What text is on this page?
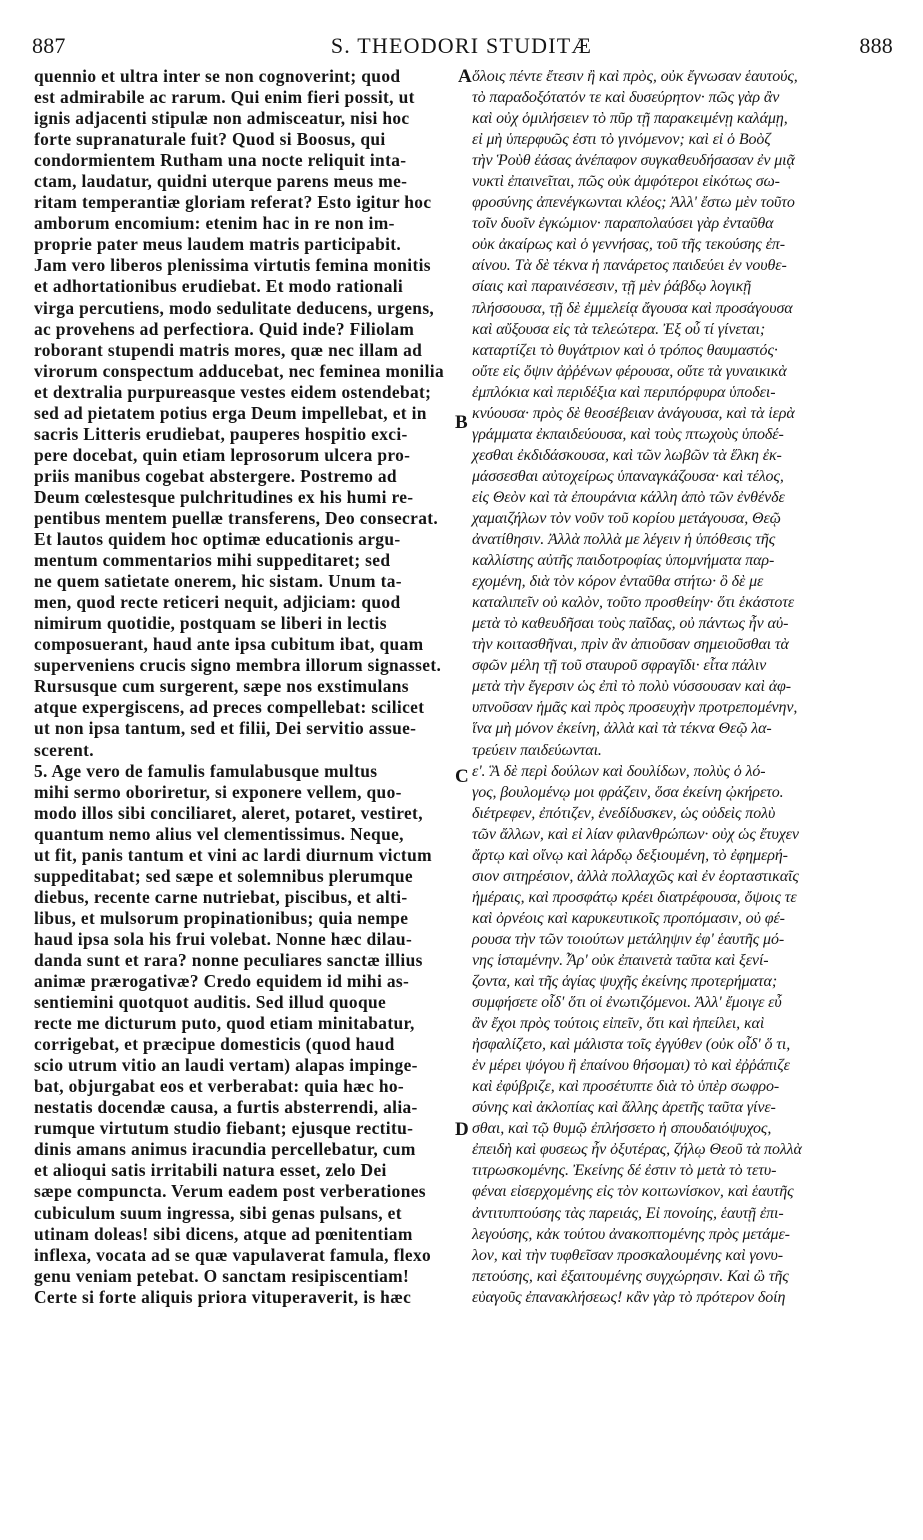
887	S. THEODORI STUDITÆ	888
quennio et ultra inter se non cognoverint; quod
est admirabile ac rarum. Qui enim fieri possit, ut
ignis adjacenti stipulæ non admisceatur, nisi hoc
forte supranaturale fuit? Quod si Boosus, qui
condormientem Rutham una nocte reliquit inta-
ctam, laudatur, quidni uterque parens meus me-
ritam temperantiæ gloriam referat? Esto igitur hoc
amborum encomium: etenim hac in re non im-
proprie pater meus laudem matris participabit.
Jam vero liberos plenissima virtutis femina monitis
et adhortationibus erudiebat. Et modo rationali
virga percutiens, modo sedulitate deducens, urgens,
ac provehens ad perfectiora. Quid inde? Filiolam
roborant stupendi matris mores, quæ nec illam ad
virorum conspectum adducebat, nec feminea monilia
et dextralia purpureasque vestes eidem ostendebat;
sed ad pietatem potius erga Deum impellebat, et in
sacris Litteris erudiebat, pauperes hospitio exci-
pere docebat, quin etiam leprosorum ulcera pro-
priis manibus cogebat abstergere. Postremo ad
Deum cœlestesque pulchritudines ex his humi re-
pentibus mentem puellæ transferens, Deo consecrat.
Et lautos quidem hoc optimæ educationis argu-
mentum commentarios mihi suppeditaret; sed
ne quem satietate onerem, hic sistam. Unum ta-
men, quod recte reticeri nequit, adjiciam: quod
nimirum quotidie, postquam se liberi in lectis
composuerant, haud ante ipsa cubitum ibat, quam
superveniens crucis signo membra illorum signasset.
Rursusque cum surgerent, sæpe nos exstimulans
atque expergiscens, ad preces compellebat: scilicet
ut non ipsa tantum, sed et filii, Dei servitio assue-
scerent.
5. Age vero de famulis famulabusque multus
mihi sermo oboriretur, si exponere vellem, quo-
modo illos sibi conciliaret, aleret, potaret, vestiret,
quantum nemo alius vel clementissimus. Neque,
ut fit, panis tantum et vini ac lardi diurnum victum
suppeditabat; sed sæpe et solemnibus plerumque
diebus, recente carne nutriebat, piscibus, et alti-
libus, et mulsorum propinationibus; quia nempe
haud ipsa sola his frui volebat. Nonne hæc dilau-
danda sunt et rara? nonne peculiares sanctæ illius
animæ prærogativæ? Credo equidem id mihi as-
sentiemini quotquot auditis. Sed illud quoque
recte me dicturum puto, quod etiam minitabatur,
corrigebat, et præcipue domesticis (quod haud
scio utrum vitio an laudi vertam) alapas impinge-
bat, objurgabat eos et verberabat: quia hæc ho-
nestatis docendæ causa, a furtis absterrendi, alia-
rumque virtutum studio fiebant; ejusque rectitu-
dinis amans animus iracundia percellebatur, cum
et alioqui satis irritabili natura esset, zelo Dei
sæpe compuncta. Verum eadem post verberationes
cubiculum suum ingressa, sibi genas pulsans, et
utinam doleas! sibi dicens, atque ad pœnitentiam
inflexa, vocata ad se quæ vapulaverat famula, flexo
genu veniam petebat. O sanctam resipiscentiam!
Certe si forte aliquis priora vituperaverit, is hæc
ὅλοις πέντε ἔτεσιν ἢ καὶ πρὸς, οὐκ ἔγνωσαν ἑαυτούς,
τὸ παραδοξότατόν τε καὶ δυσεύρητον· πῶς γὰρ ἂν
καὶ οὐχ ὁμιλήσειεν τὸ πῦρ τῇ παρακειμένῃ καλάμῃ,
εἰ μὴ ὑπερφυῶς ἐστι τὸ γινόμενον; καὶ εἰ ὁ Βοὸζ
τὴν Ῥοὺθ ἐάσας ἀνέπαφον συγκαθευδήσασαν ἐν μιᾷ
νυκτὶ ἐπαινεῖται, πῶς οὐκ ἀμφότεροι εἰκότως σω-
φροσύνης ἀπενέγκωνται κλέος; Ἀλλ' ἔστω μὲν τοῦτο
τοῖν δυοῖν ἐγκώμιον· παραπολαύσει γὰρ ἐνταῦθα
οὐκ ἀκαίρως καὶ ὁ γεννήσας, τοῦ τῆς τεκούσης ἐπ-
αίνου. Τὰ δὲ τέκνα ἡ πανάρετος παιδεύει ἐν νουθε-
σίαις καὶ παραινέσεσιν, τῇ μὲν ῥάβδῳ λογικῇ
πλήσσουσα, τῇ δὲ ἐμμελείᾳ ἄγουσα καὶ προσάγουσα
καὶ αὔξουσα εἰς τὰ τελεώτερα. Ἐξ οὗ τί γίνεται;
καταρτίζει τὸ θυγάτριον καὶ ὁ τρόπος θαυμαστός·
οὔτε εἰς ὄψιν ἀῤῥένων φέρουσα, οὔτε τὰ γυναικικὰ
ἐμπλόκια καὶ περιδέξια καὶ περιπόρφυρα ὑποδει-
κνύουσα· πρὸς δὲ θεοσέβειαν ἀνάγουσα, καὶ τὰ ἱερὰ
γράμματα ἐκπαιδεύουσα, καὶ τοὺς πτωχοὺς ὑποδέ-
χεσθαι ἐκδιδάσκουσα, καὶ τῶν λωβῶν τὰ ἕλκη ἐκ-
μάσσεσθαι αὐτοχείρως ὑπαναγκάζουσα· καὶ τέλος,
εἰς Θεὸν καὶ τὰ ἐπουράνια κάλλη ἀπὸ τῶν ἐνθένδε
χαμαιζήλων τὸν νοῦν τοῦ κορίου μετάγουσα, Θεῷ
ἀνατίθησιν. Ἀλλὰ πολλὰ με λέγειν ἡ ὑπόθεσις τῆς
καλλίστης αὐτῆς παιδοτροφίας ὑπομνήματα παρ-
εχομένη, διὰ τὸν κόρον ἐνταῦθα στήτω· ὃ δὲ με
καταλιπεῖν οὐ καλὸν, τοῦτο προσθείην· ὅτι ἑκάστοτε
μετὰ τὸ καθευδῆσαι τοὺς παῖδας, οὐ πάντως ἦν αὐ-
τὴν κοιτασθῆναι, πρὶν ἂν ἀπιοῦσαν σημειοῦσθαι τὰ
σφῶν μέλη τῇ τοῦ σταυροῦ σφραγῖδι· εἶτα πάλιν
μετὰ τὴν ἔγερσιν ὡς ἐπὶ τὸ πολὺ νύσσουσαν καὶ ἀφ-
υπνοῦσαν ἡμᾶς καὶ πρὸς προσευχὴν προτρεπομένην,
ἵνα μὴ μόνον ἐκείνη, ἀλλὰ καὶ τὰ τέκνα Θεῷ λα-
τρεύειν παιδεύωνται.
ε'. Ἃ δὲ περὶ δούλων καὶ δουλίδων, πολὺς ὁ λό-
γος, βουλομένῳ μοι φράζειν, ὅσα ἐκείνη ᾠκήρετο.
διέτρεφεν, ἐπότιζεν, ἐνεδίδυσκεν, ὡς οὐδεὶς πολὺ
τῶν ἄλλων, καὶ εἰ λίαν φιλανθρώπων· οὐχ ὡς ἔτυχεν
ἄρτῳ καὶ οἴνῳ καὶ λάρδῳ δεξιουμένη, τὸ ἐφημερή-
σιον σιτηρέσιον, ἀλλὰ πολλαχῶς καὶ ἐν ἑορταστικαῖς
ἡμέραις, καὶ προσφάτῳ κρέει διατρέφουσα, ὄψοις τε
καὶ ὀρνέοις καὶ καρυκευτικοῖς προπόμασιν, οὐ φέ-
ρουσα τὴν τῶν τοιούτων μετάληψιν ἐφ' ἑαυτῆς μό-
νης ἱσταμένην. Ἆρ' οὐκ ἐπαινετὰ ταῦτα καὶ ξενί-
ζοντα, καὶ τῆς ἁγίας ψυχῆς ἐκείνης προτερήματα;
συμφήσετε οἶδ' ὅτι οἱ ἐνωτιζόμενοι. Ἀλλ' ἔμοιγε εὖ
ἂν ἔχοι πρὸς τούτοις εἰπεῖν, ὅτι καὶ ἠπείλει, καὶ
ἠσφαλίζετο, καὶ μάλιστα τοῖς ἐγγύθεν (οὐκ οἶδ' ὅ τι,
ἐν μέρει ψόγου ἢ ἐπαίνου θήσομαι) τὸ καὶ ἐῤῥάπιζε
καὶ ἐφύβριζε, καὶ προσέτυπτε διὰ τὸ ὑπὲρ σωφρο-
σύνης καὶ ἀκλοπίας καὶ ἄλλης ἀρετῆς ταῦτα γίνε-
σθαι, καὶ τῷ θυμῷ ἐπλήσσετο ἡ σπουδαιόψυχος,
ἐπειδὴ καὶ φυσεως ἦν ὀξυτέρας, ζήλῳ Θεοῦ τὰ πολλὰ
τιτρωσκομένης. Ἐκείνης δέ ἐστιν τὸ μετὰ τὸ τετυ-
φέναι εἰσερχομένης εἰς τὸν κοιτωνίσκον, καὶ ἑαυτῆς
ἀντιτυπτούσης τὰς παρειάς, Εἰ πονοίης, ἑαυτῇ ἐπι-
λεγούσης, κἀκ τούτου ἀνακοπτομένης πρὸς μετάμε-
λον, καὶ τὴν τυφθεῖσαν προσκαλουμένης καὶ γονυ-
πετούσης, καὶ ἐξαιτουμένης συγχώρησιν. Καὶ ὢ τῆς
εὐαγοῦς ἐπανακλήσεως! κἂν γὰρ τὸ πρότερον δοίη
A
B
C
D
